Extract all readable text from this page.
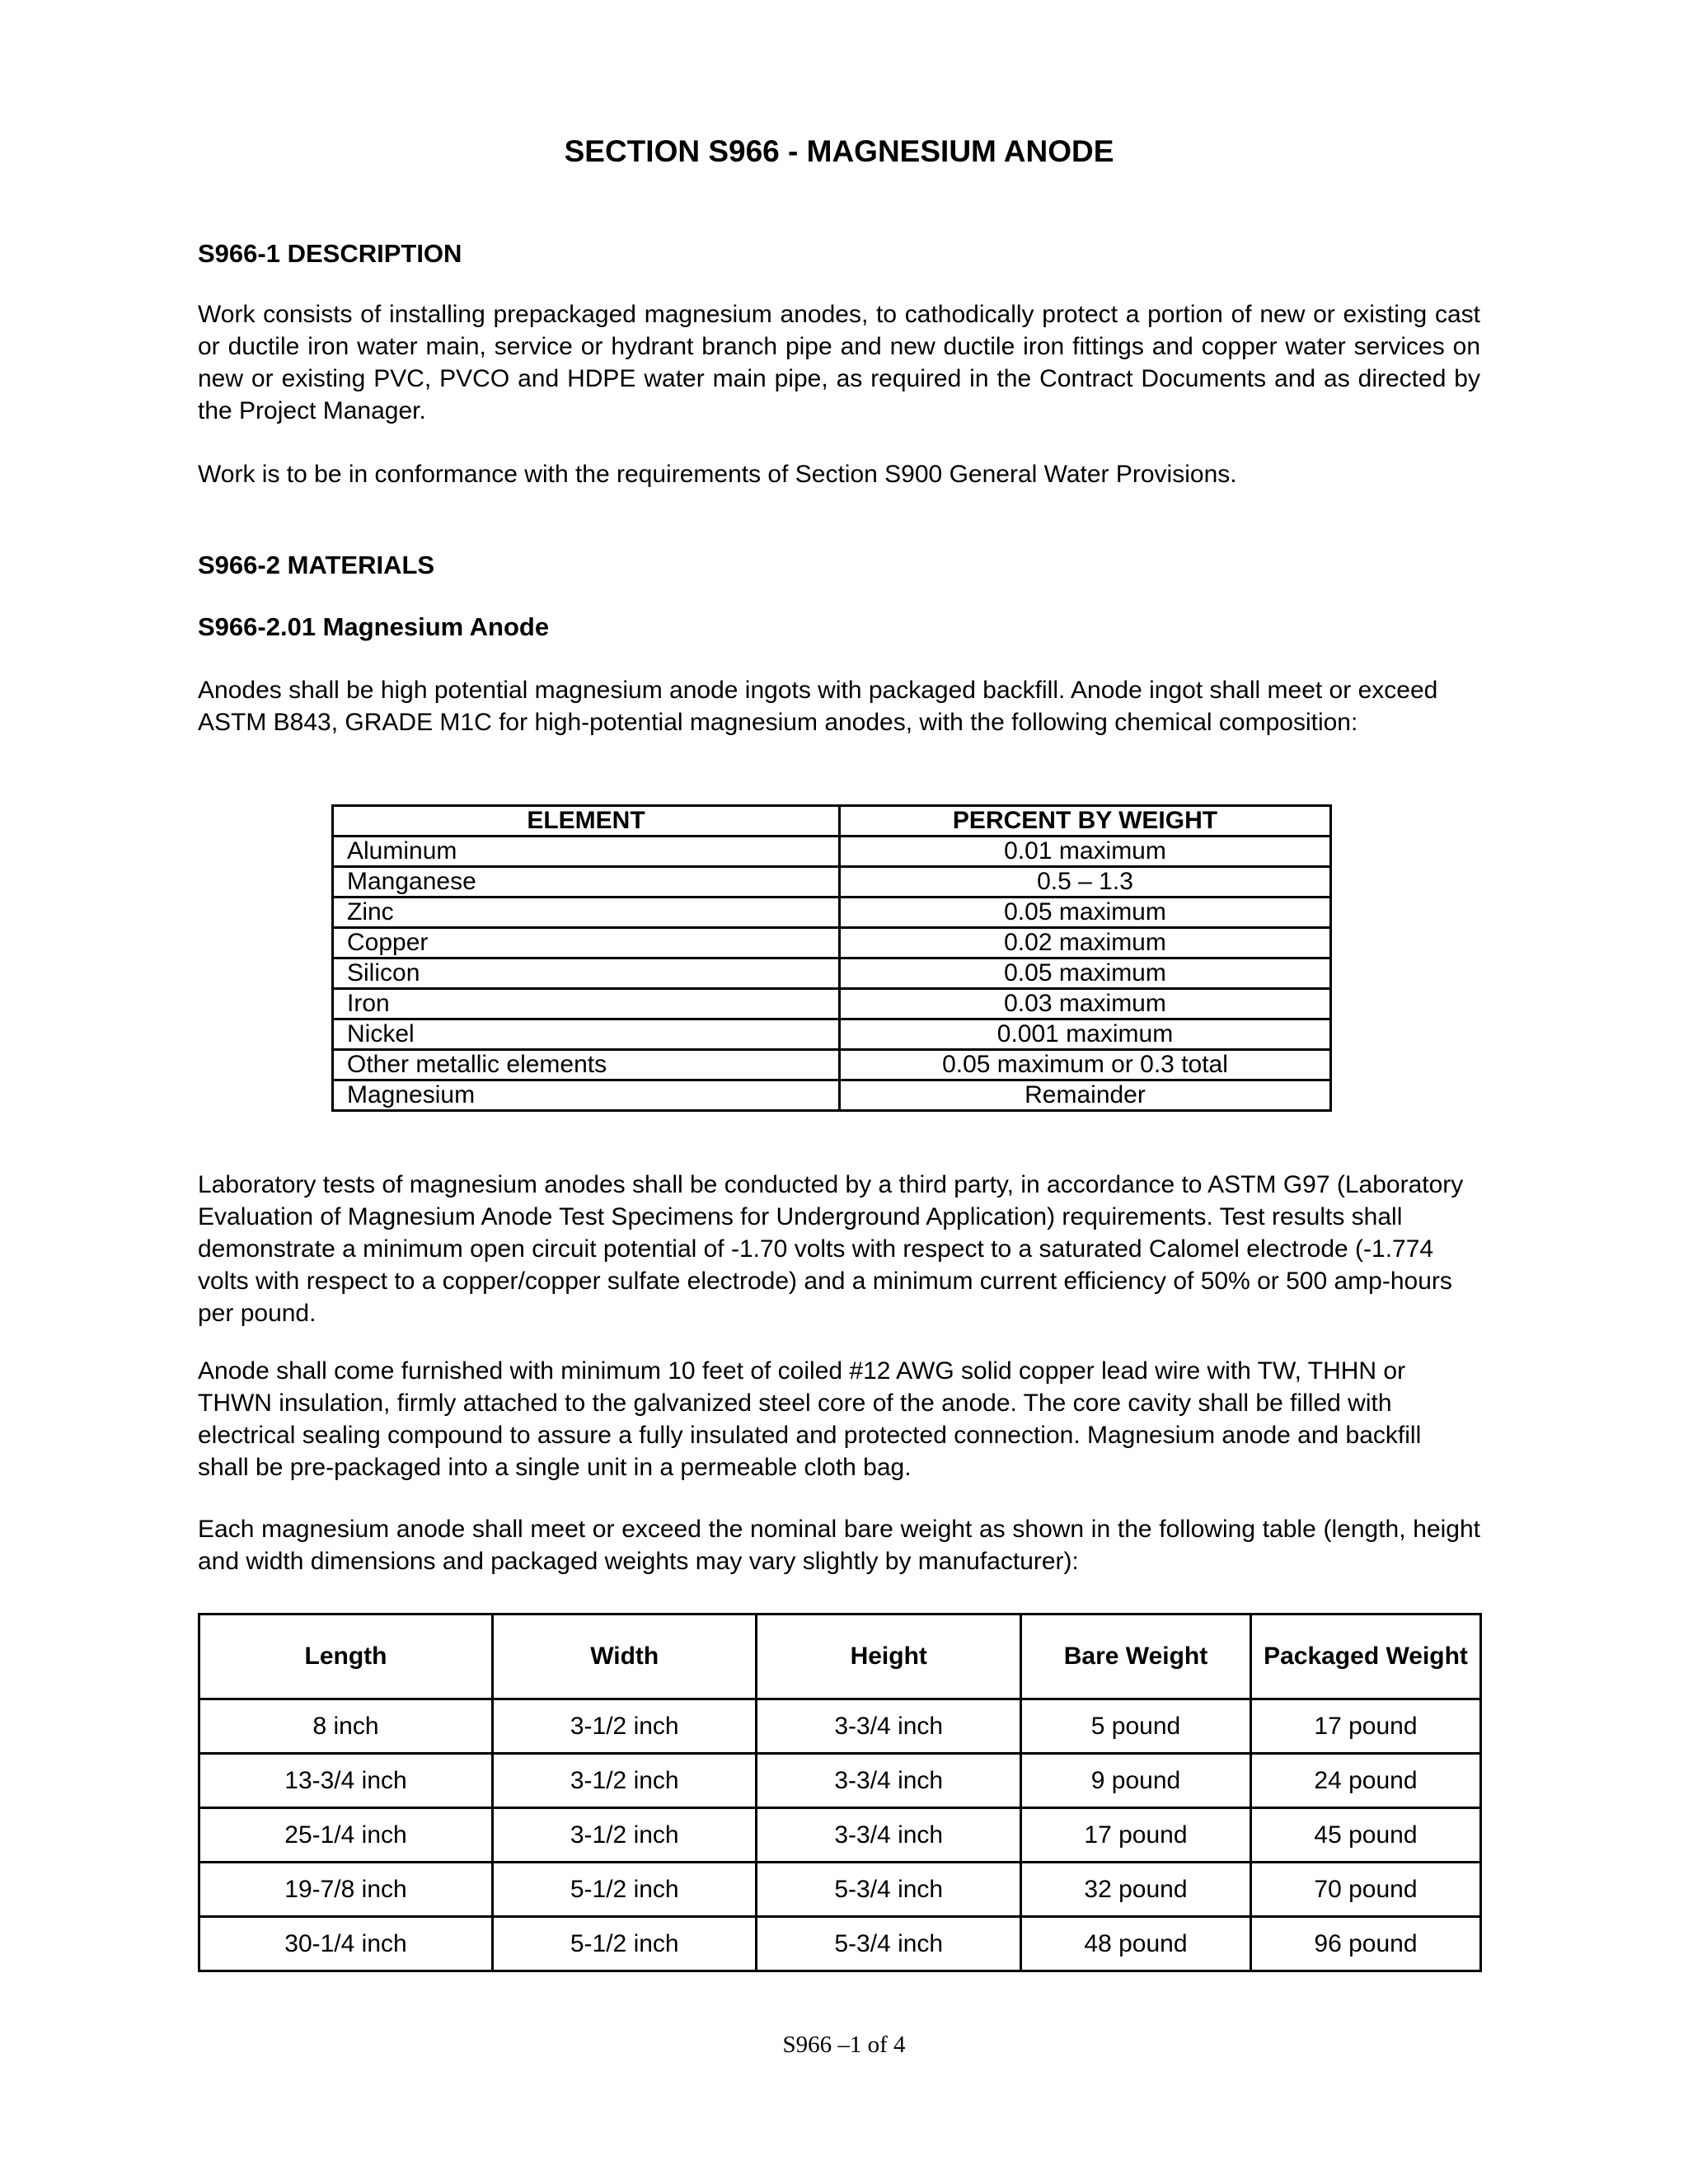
SECTION S966 - MAGNESIUM ANODE
S966-1 DESCRIPTION

Work consists of installing prepackaged magnesium anodes, to cathodically protect a portion of new or existing cast or ductile iron water main, service or hydrant branch pipe and new ductile iron fittings and copper water services on new or existing PVC, PVCO and HDPE water main pipe, as required in the Contract Documents and as directed by the Project Manager.

Work is to be in conformance with the requirements of Section S900 General Water Provisions.

S966-2 MATERIALS
S966-2.01 Magnesium Anode

Anodes shall be high potential magnesium anode ingots with packaged backfill. Anode ingot shall meet or exceed ASTM B843, GRADE M1C for high-potential magnesium anodes, with the following chemical composition:

ELEMENT	PERCENT BY WEIGHT
Aluminum	0.01 maximum
Manganese	0.5 – 1.3
Zinc	0.05 maximum
Copper	0.02 maximum
Silicon	0.05 maximum
Iron	0.03 maximum
Nickel	0.001 maximum
Other metallic elements	0.05 maximum or 0.3 total
Magnesium	Remainder

Laboratory tests of magnesium anodes shall be conducted by a third party, in accordance to ASTM G97 (Laboratory Evaluation of Magnesium Anode Test Specimens for Underground Application) requirements. Test results shall demonstrate a minimum open circuit potential of -1.70 volts with respect to a saturated Calomel electrode (-1.774 volts with respect to a copper/copper sulfate electrode) and a minimum current efficiency of 50% or 500 amp-hours per pound.

Anode shall come furnished with minimum 10 feet of coiled #12 AWG solid copper lead wire with TW, THHN or THWN insulation, firmly attached to the galvanized steel core of the anode. The core cavity shall be filled with electrical sealing compound to assure a fully insulated and protected connection. Magnesium anode and backfill shall be pre-packaged into a single unit in a permeable cloth bag.

Each magnesium anode shall meet or exceed the nominal bare weight as shown in the following table (length, height and width dimensions and packaged weights may vary slightly by manufacturer):

Length	Width	Height	Bare Weight	Packaged Weight
8 inch	3-1/2 inch	3-3/4 inch	5 pound	17 pound
13-3/4 inch	3-1/2 inch	3-3/4 inch	9 pound	24 pound
25-1/4 inch	3-1/2 inch	3-3/4 inch	17 pound	45 pound
19-7/8 inch	5-1/2 inch	5-3/4 inch	32 pound	70 pound
30-1/4 inch	5-1/2 inch	5-3/4 inch	48 pound	96 pound
S966 –1 of 4
